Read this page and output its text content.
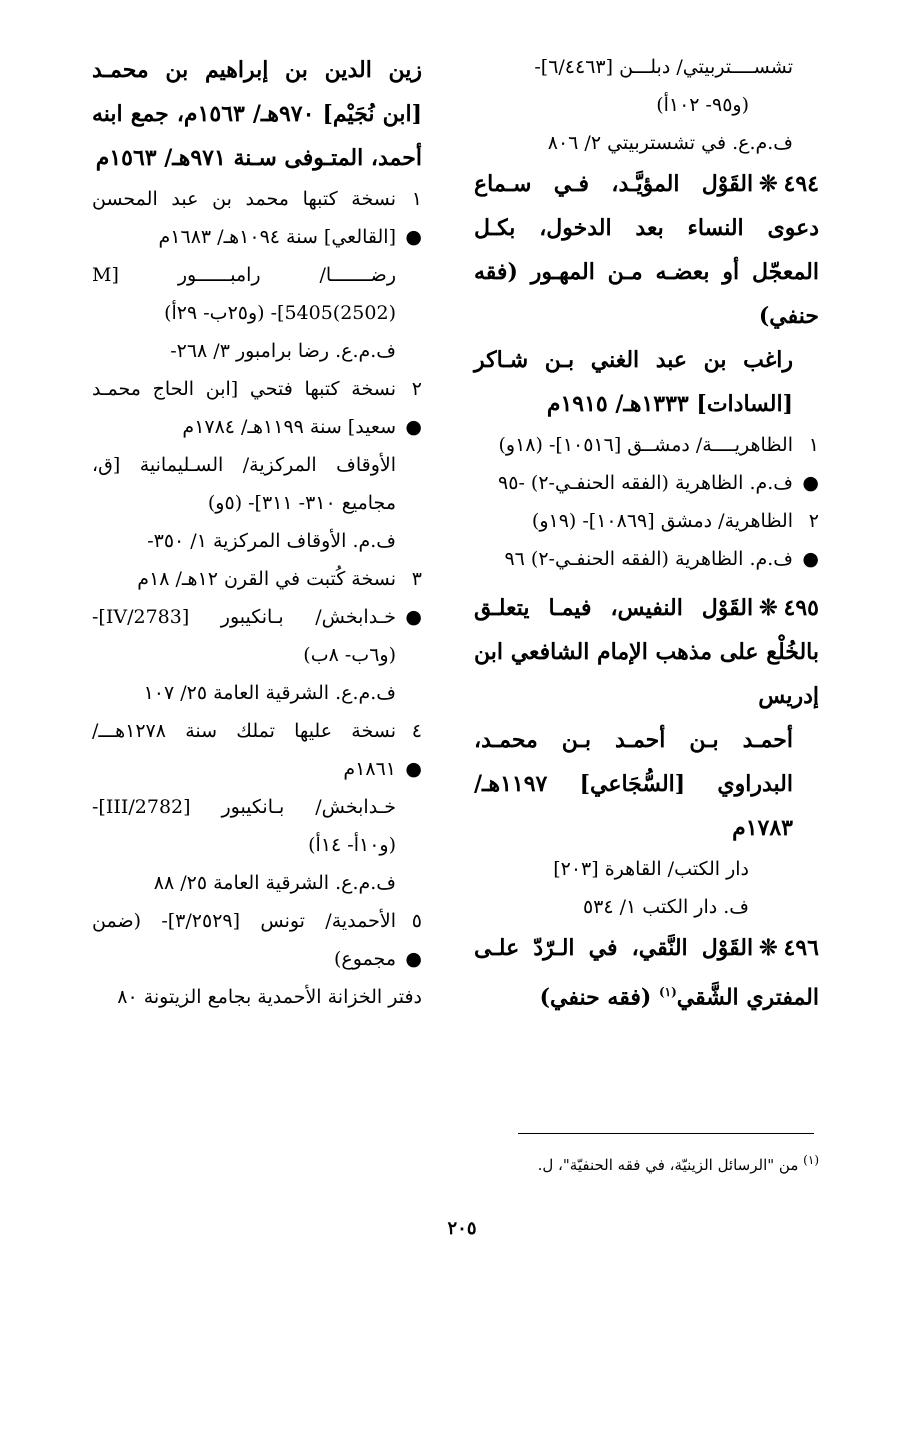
تشســــتربيتي/ دبلـــن [٦/٤٤٦٣]-

(و٩٥- ١٠٢أ)

ف.م.ع. في تشستربيتي ٢/ ٨٠٦

٤٩٤❊القَوْل المؤيَّـد، فـي سـماع دعوى النساء بعد الدخول، بكـل المعجّل أو بعضـه مـن المهـور (فقه حنفي)

راغب بن عبد الغني بـن شـاكر [السادات] ١٣٣٣هـ/ ١٩١٥م

١ ●
الظاهريــــة/ دمشــق [١٠٥١٦]- (١٨و)

ف.م. الظاهرية (الفقه الحنفـي-٢) -٩٥

٢ ●
الظاهرية/ دمشق [١٠٨٦٩]- (١٩و)

ف.م. الظاهرية (الفقه الحنفـي-٢) ٩٦

٤٩٥❊القَوْل النفيس، فيمـا يتعلـق بالخُلْع على مذهب الإمام الشافعي ابن إدريس

أحمـد بـن أحمـد بـن محمـد، البدراوي [السُّجَاعي] ١١٩٧هـ/ ١٧٨٣م

دار الكتب/ القاهرة [٢٠٣]

ف. دار الكتب ١/ ٥٣٤

٤٩٦❊القَوْل النَّقي، في الـرّدّ علـى المفتري الشَّقي$^{(١)}$ (فقه حنفي)

زين الدين بن إبراهيم بن محمـد [ابن نُجَيْم] ٩٧٠هـ/ ١٥٦٣م، جمع ابنه أحمد، المتـوفى سـنة ٩٧١هـ/ ١٥٦٣م

١ ●
نسخة كتبها محمد بن عبد المحسن [القالعي] سنة ١٠٩٤هـ/ ١٦٨٣م

رضـــــــا/ رامبــــــور [M 5405(2502)]- (و٢٥ب- ٢٩أ)

ف.م.ع. رضا برامبور ٣/ ٢٦٨-

٢ ●
نسخة كتبها فتحي [ابن الحاج محمـد سعيد] سنة ١١٩٩هـ/ ١٧٨٤م

الأوقاف المركزية/ السـليمانية [ق، مجاميع ٣١٠- ٣١١]- (٥و)

ف.م. الأوقاف المركزية ١/ ٣٥٠-

٣ ●
نسخة كُتبت في القرن ١٢هـ/ ١٨م

خـدابخش/ بـانكيبور [2783/IV]- (و٦ب- ٨ب)

ف.م.ع. الشرقية العامة ٢٥/ ١٠٧

٤ ●
نسخة عليها تملك سنة ١٢٧٨هـــ/ ١٨٦١م

خـدابخش/ بـانكيبور [2782/III]- (و١٠أ- ١٤أ)

ف.م.ع. الشرقية العامة ٢٥/ ٨٨

٥ ●
الأحمدية/ تونس [٣/٢٥٢٩]- (ضمن مجموع)

دفتر الخزانة الأحمدية بجامع الزيتونة ٨٠

$^{(١)}$ من "الرسائل الزينيّة، في فقه الحنفيّة"، ل.
٢٠٥
